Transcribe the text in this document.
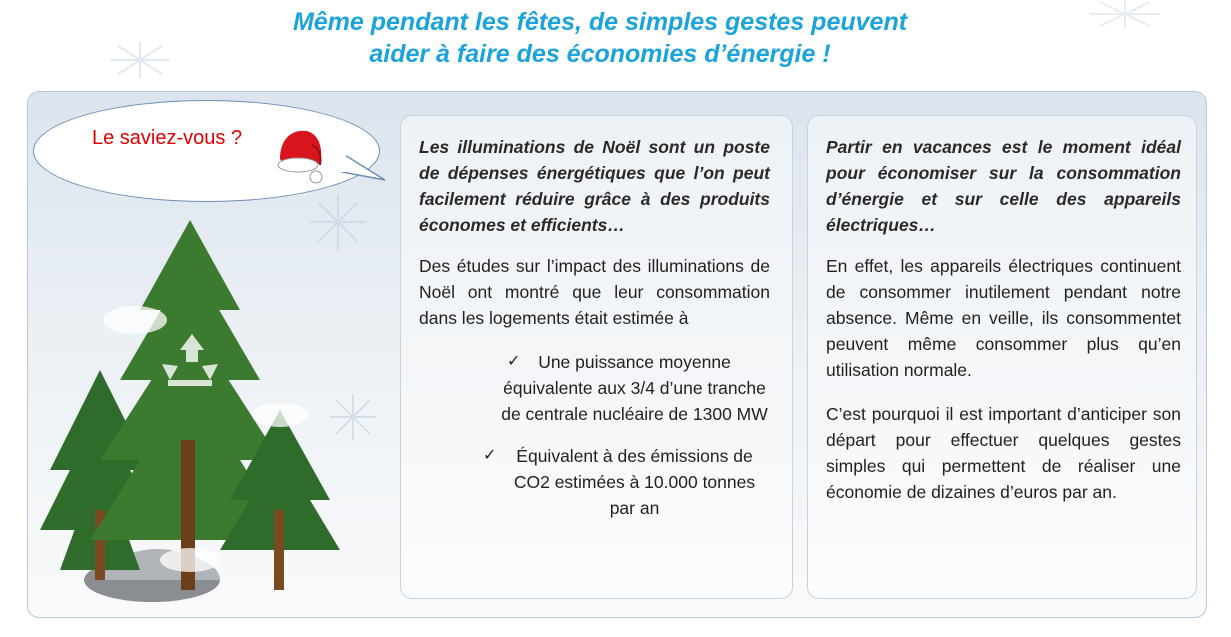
Même pendant les fêtes, de simples gestes peuvent
aider à faire des économies d’énergie !
Le saviez-vous ?	Les illuminations de Noël sont un poste de dépenses énergétiques que l’on peut facilement réduire grâce à des produits économes et efficients…

Des études sur l’impact des illuminations de Noël ont montré que leur consommation dans les logements était estimée à

✓	Une puissance moyenne équivalente aux 3/4 d’une tranche de centrale nucléaire de 1300 MW
✓	Équivalent à des émissions de CO2 estimées à 10.000 tonnes par an

Partir en vacances est le moment idéal pour économiser sur la consommation d’énergie et sur celle des appareils électriques…

En effet, les appareils électriques continuent de consommer inutilement pendant notre absence. Même en veille, ils consommentet peuvent même consommer plus qu’en utilisation normale.

C’est pourquoi il est important d’anticiper son départ pour effectuer quelques gestes simples qui permettent de réaliser une économie de dizaines d’euros par an.
